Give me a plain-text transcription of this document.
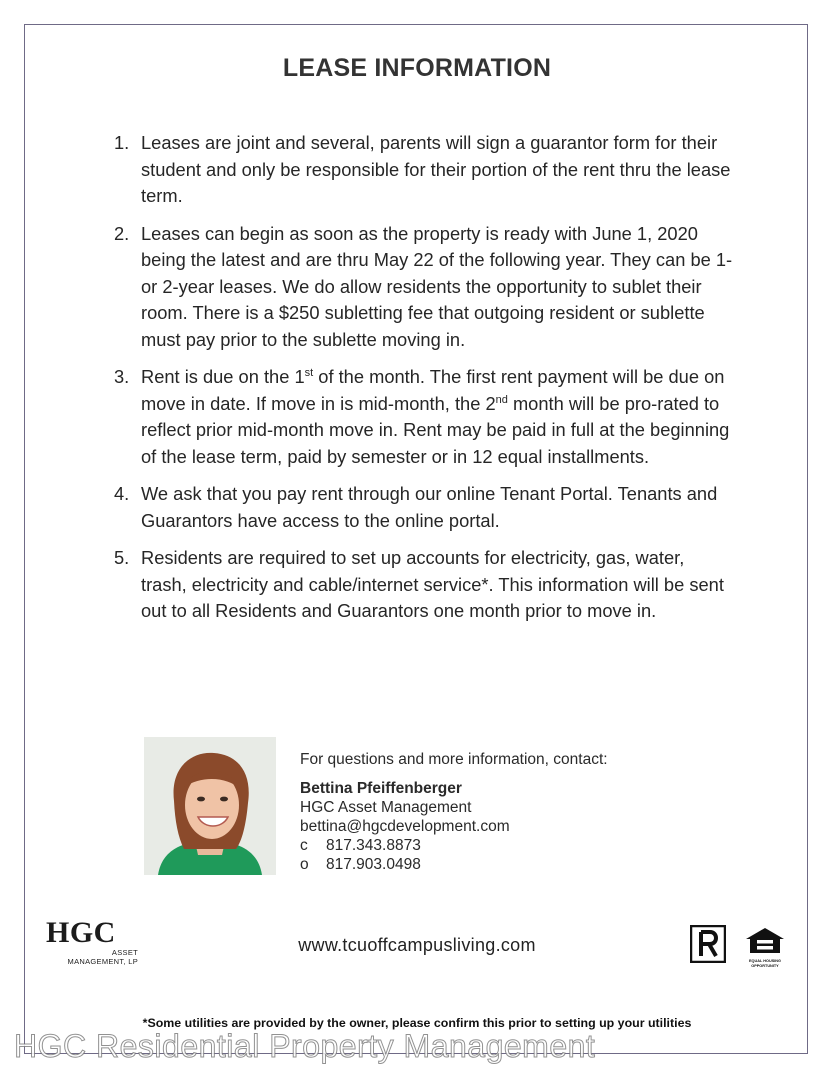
LEASE INFORMATION
1. Leases are joint and several, parents will sign a guarantor form for their student and only be responsible for their portion of the rent thru the lease term.
2. Leases can begin as soon as the property is ready with June 1, 2020 being the latest and are thru May 22 of the following year. They can be 1- or 2-year leases. We do allow residents the opportunity to sublet their room. There is a $250 subletting fee that outgoing resident or sublette must pay prior to the sublette moving in.
3. Rent is due on the 1st of the month. The first rent payment will be due on move in date. If move in is mid-month, the 2nd month will be pro-rated to reflect prior mid-month move in. Rent may be paid in full at the beginning of the lease term, paid by semester or in 12 equal installments.
4. We ask that you pay rent through our online Tenant Portal. Tenants and Guarantors have access to the online portal.
5. Residents are required to set up accounts for electricity, gas, water, trash, electricity and cable/internet service*. This information will be sent out to all Residents and Guarantors one month prior to move in.
For questions and more information, contact:
Bettina Pfeiffenberger
HGC Asset Management
bettina@hgcdevelopment.com
c 817.343.8873
o 817.903.0498
HGC
ASSET
MANAGEMENT, LP
www.tcuoffcampusliving.com
EQUAL HOUSING
OPPORTUNITY
*Some utilities are provided by the owner, please confirm this prior to setting up your utilities
HGC Residential Property Management
